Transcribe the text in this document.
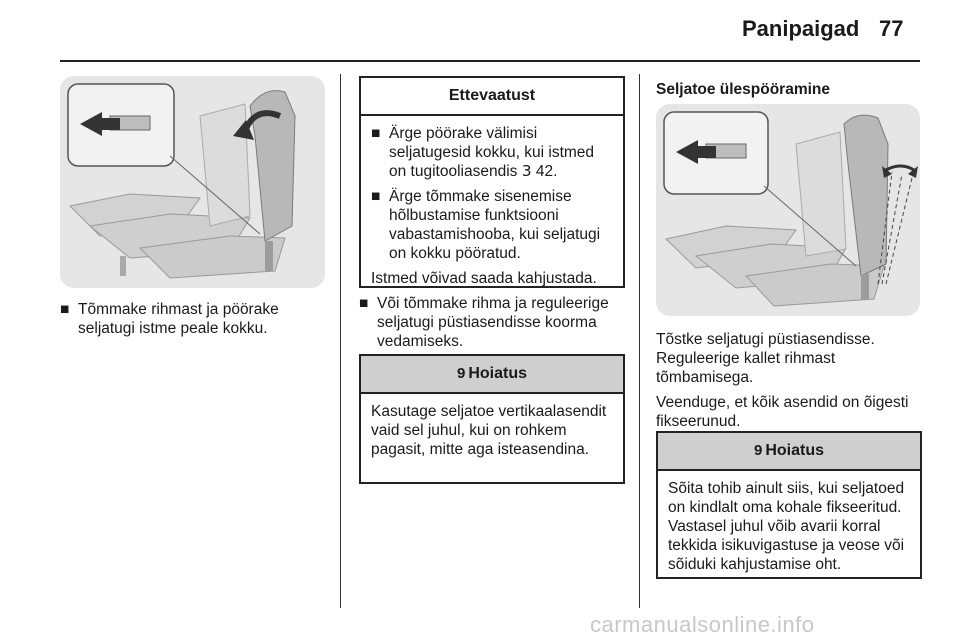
Panipaigad 77

■ Tõmmake rihmast ja pöörake seljatugi istme peale kokku.

Ettevaatust

■ Ärge pöörake välimisi seljatugesid kokku, kui istmed on tugitooliasendis 3 42.

■ Ärge tõmmake sisenemise hõlbustamise funktsiooni vabastamishooba, kui seljatugi on kokku pööratud.

Istmed võivad saada kahjustada.

■ Või tõmmake rihma ja reguleerige seljatugi püstiasendisse koorma vedamiseks.

9 Hoiatus
Kasutage seljatoe vertikaalasendit vaid sel juhul, kui on rohkem pagasit, mitte aga isteasendina.

Seljatoe ülespööramine

Tõstke seljatugi püstiasendisse. Reguleerige kallet rihmast tõmbamisega.

Veenduge, et kõik asendid on õigesti fikseerunud.

9 Hoiatus
Sõita tohib ainult siis, kui seljatoed on kindlalt oma kohale fikseeritud. Vastasel juhul võib avarii korral tekkida isikuvigastuse ja veose või sõiduki kahjustamise oht.
carmanualsonline.info
